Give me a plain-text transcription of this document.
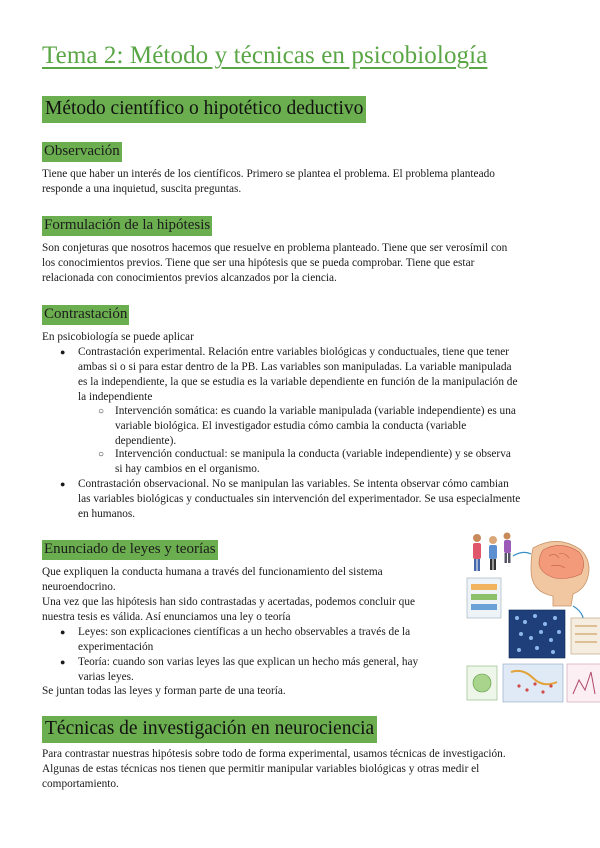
Tema 2: Método y técnicas en psicobiología
Método científico o hipotético deductivo
Observación
Tiene que haber un interés de los científicos. Primero se plantea el problema. El problema planteado
responde a una inquietud, suscita preguntas.
Formulación de la hipótesis
Son conjeturas que nosotros hacemos que resuelve en problema planteado. Tiene que ser verosímil con
los conocimientos previos. Tiene que ser una hipótesis que se pueda comprobar. Tiene que estar
relacionada con conocimientos previos alcanzados por la ciencia.
Contrastación
En psicobiología se puede aplicar
● Contrastación experimental. Relación entre variables biológicas y conductuales, tiene que tener
ambas si o si para estar dentro de la PB. Las variables son manipuladas. La variable manipulada
es la independiente, la que se estudia es la variable dependiente en función de la manipulación de
la independiente
○ Intervención somática: es cuando la variable manipulada (variable independiente) es una
variable biológica. El investigador estudia cómo cambia la conducta (variable
dependiente).
○ Intervención conductual: se manipula la conducta (variable independiente) y se observa
si hay cambios en el organismo.
● Contrastación observacional. No se manipulan las variables. Se intenta observar cómo cambian
las variables biológicas y conductuales sin intervención del experimentador. Se usa especialmente
en humanos.
Enunciado de leyes y teorías
Que expliquen la conducta humana a través del funcionamiento del sistema
neuroendocrino.
Una vez que las hipótesis han sido contrastadas y acertadas, podemos concluir que
nuestra tesis es válida. Así enunciamos una ley o teoría
● Leyes: son explicaciones científicas a un hecho observables a través de la
experimentación
● Teoría: cuando son varias leyes las que explican un hecho más general, hay
varias leyes.
Se juntan todas las leyes y forman parte de una teoría.
Técnicas de investigación en neurociencia
Para contrastar nuestras hipótesis sobre todo de forma experimental, usamos técnicas de investigación.
Algunas de estas técnicas nos tienen que permitir manipular variables biológicas y otras medir el
comportamiento.
